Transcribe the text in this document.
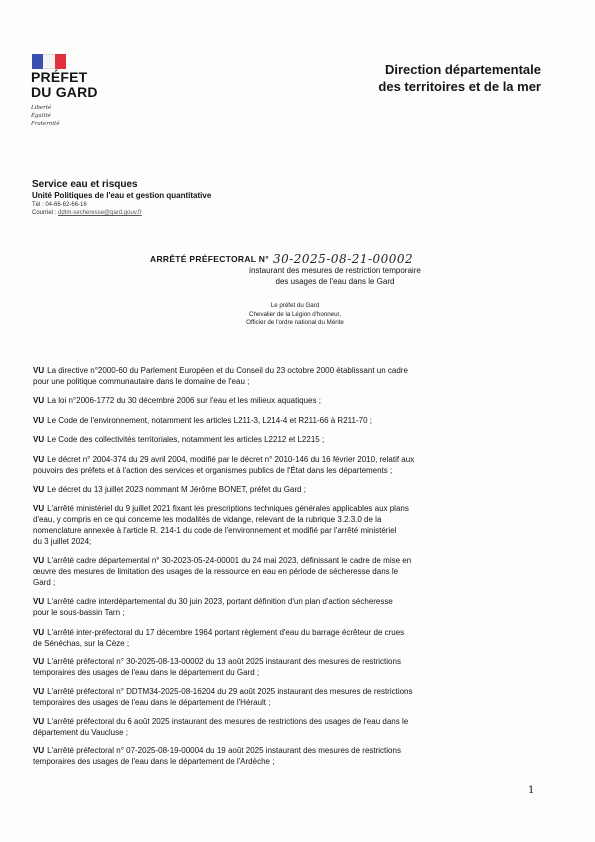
PRÉFET
DU GARD
Liberté
Égalité
Fraternité
Direction départementale
des territoires et de la mer
Service eau et risques
Unité Politiques de l'eau et gestion quantitative
Tél : 04-66-62-66-16
Courriel : ddtm-secheresse@gard.gouv.fr
ARRÊTÉ PRÉFECTORAL N° 30-2025-08-21-00002
instaurant des mesures de restriction temporaire
des usages de l'eau dans le Gard
Le préfet du Gard
Chevalier de la Légion d'honneur,
Officier de l'ordre national du Mérite
VU La directive n°2000-60 du Parlement Européen et du Conseil du 23 octobre 2000 établissant un cadre
pour une politique communautaire dans le domaine de l'eau ;
VU La loi n°2006-1772 du 30 décembre 2006 sur l'eau et les milieux aquatiques ;
VU Le Code de l'environnement, notamment les articles L211-3, L214-4 et R211-66 à R211-70 ;
VU Le Code des collectivités territoriales, notamment les articles L2212 et L2215 ;
VU Le décret n° 2004-374 du 29 avril 2004, modifié par le décret n° 2010-146 du 16 février 2010, relatif aux
pouvoirs des préfets et à l'action des services et organismes publics de l'État dans les départements ;
VU Le décret du 13 juillet 2023 nommant M Jérôme BONET, préfet du Gard ;
VU L'arrêté ministériel du 9 juillet 2021 fixant les prescriptions techniques générales applicables aux plans
d'eau, y compris en ce qui concerne les modalités de vidange, relevant de la rubrique 3.2.3.0 de la
nomenclature annexée à l'article R. 214-1 du code de l'environnement et modifié par l'arrêté ministériel
du 3 juillet 2024;
VU L'arrêté cadre départemental n° 30-2023-05-24-00001 du 24 mai 2023, définissant le cadre de mise en
œuvre des mesures de limitation des usages de la ressource en eau en période de sécheresse dans le
Gard ;
VU L'arrêté cadre interdépartemental du 30 juin 2023, portant définition d'un plan d'action sécheresse
pour le sous-bassin Tarn ;
VU L'arrêté inter-préfectoral du 17 décembre 1964 portant règlement d'eau du barrage écrêteur de crues
de Sénéchas, sur la Cèze ;
VU L'arrêté préfectoral n° 30-2025-08-13-00002 du 13 août 2025 instaurant des mesures de restrictions
temporaires des usages de l'eau dans le département du Gard ;
VU L'arrêté préfectoral n° DDTM34-2025-08-16204 du 29 août 2025 instaurant des mesures de restrictions
temporaires des usages de l'eau dans le département de l'Hérault ;
VU L'arrêté préfectoral du 6 août 2025 instaurant des mesures de restrictions des usages de l'eau dans le
département du Vaucluse ;
VU L'arrêté préfectoral n° 07-2025-08-19-00004 du 19 août 2025 instaurant des mesures de restrictions
temporaires des usages de l'eau dans le département de l'Ardèche ;
1
